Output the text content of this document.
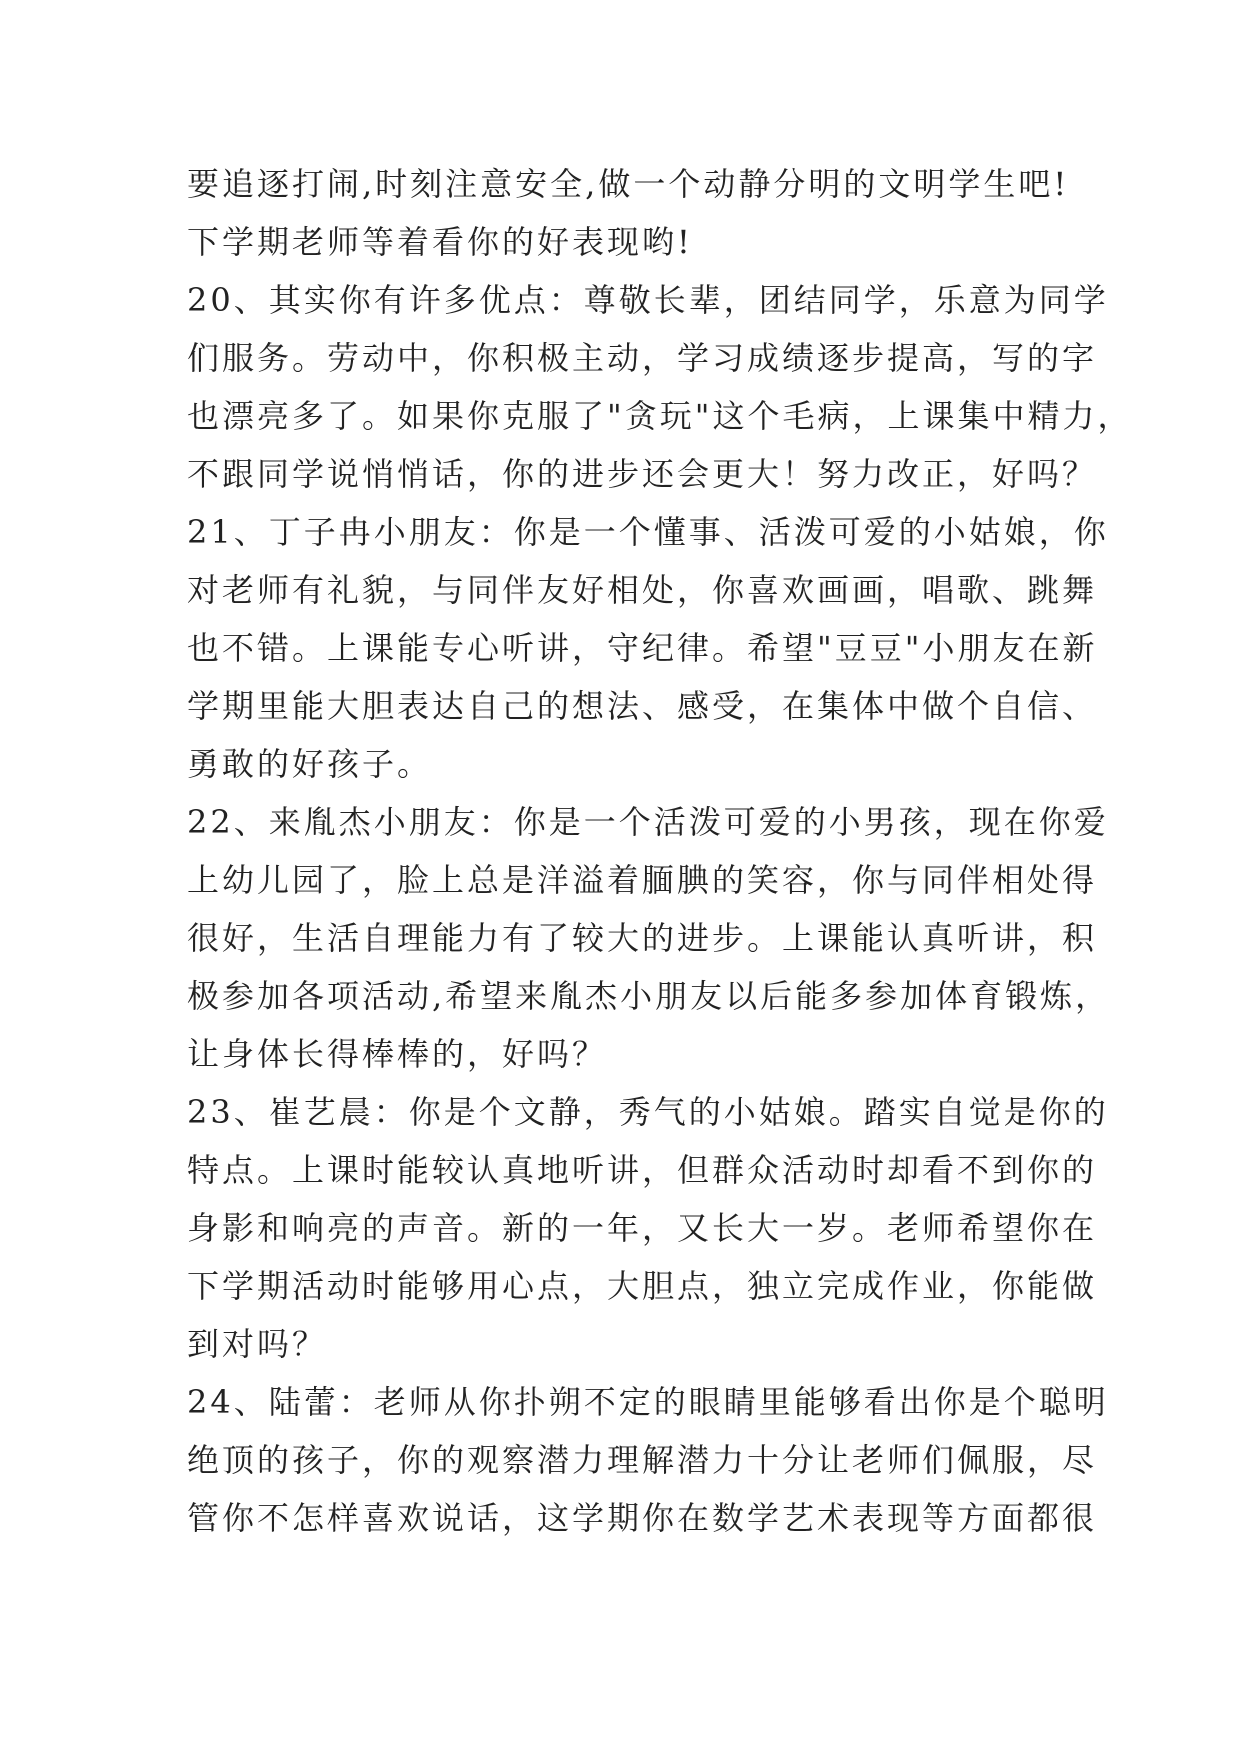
要追逐打闹,时刻注意安全,做一个动静分明的文明学生吧!
下学期老师等着看你的好表现哟!
20、其实你有许多优点：尊敬长辈，团结同学，乐意为同学
们服务。劳动中，你积极主动，学习成绩逐步提高，写的字
也漂亮多了。如果你克服了"贪玩"这个毛病，上课集中精力，
不跟同学说悄悄话，你的进步还会更大！努力改正，好吗？
21、丁子冉小朋友：你是一个懂事、活泼可爱的小姑娘，你
对老师有礼貌，与同伴友好相处，你喜欢画画，唱歌、跳舞
也不错。上课能专心听讲，守纪律。希望"豆豆"小朋友在新
学期里能大胆表达自己的想法、感受，在集体中做个自信、
勇敢的好孩子。
22、来胤杰小朋友：你是一个活泼可爱的小男孩，现在你爱
上幼儿园了，脸上总是洋溢着腼腆的笑容，你与同伴相处得
很好，生活自理能力有了较大的进步。上课能认真听讲，积
极参加各项活动,希望来胤杰小朋友以后能多参加体育锻炼，
让身体长得棒棒的，好吗？
23、崔艺晨：你是个文静，秀气的小姑娘。踏实自觉是你的
特点。上课时能较认真地听讲，但群众活动时却看不到你的
身影和响亮的声音。新的一年，又长大一岁。老师希望你在
下学期活动时能够用心点，大胆点，独立完成作业，你能做
到对吗？
24、陆蕾：老师从你扑朔不定的眼睛里能够看出你是个聪明
绝顶的孩子，你的观察潜力理解潜力十分让老师们佩服，尽
管你不怎样喜欢说话，这学期你在数学艺术表现等方面都很
